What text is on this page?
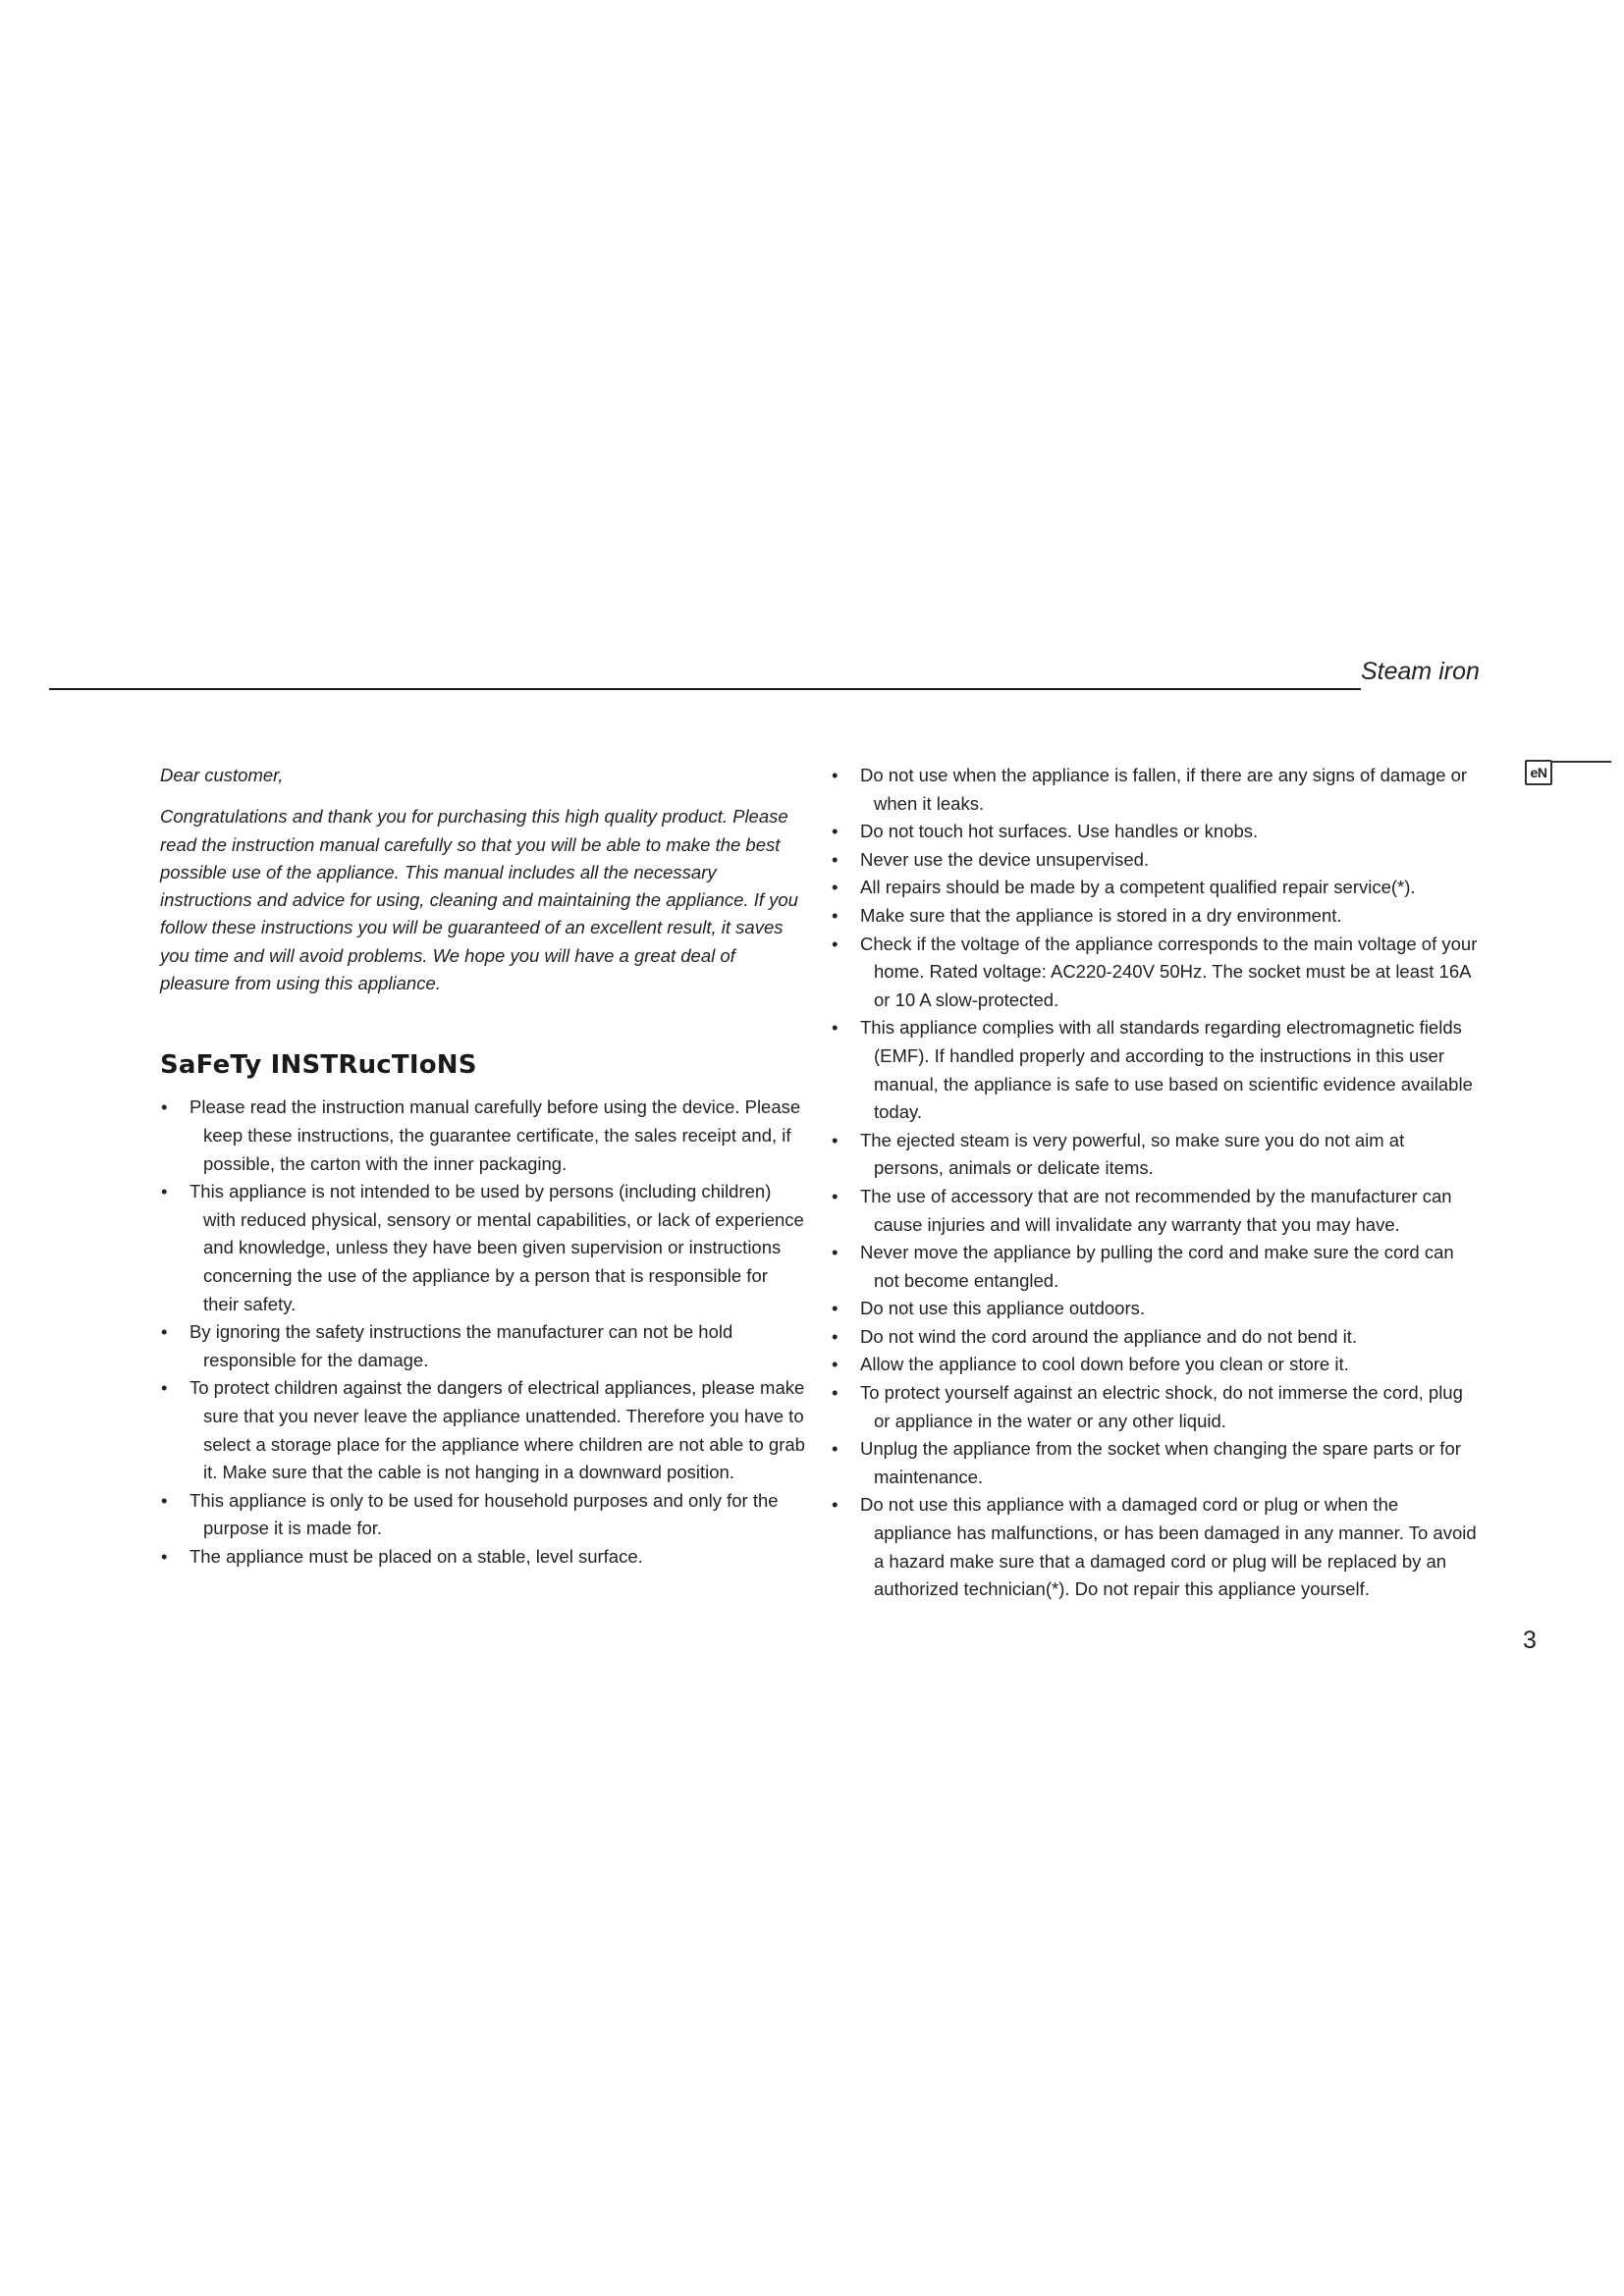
Steam iron
eN

Dear customer,

Congratulations and thank you for purchasing this high quality product. Please read the instruction manual carefully so that you will be able to make the best possible use of the appliance. This manual includes all the necessary instructions and advice for using, cleaning and maintaining the appliance. If you follow these instructions you will be guaranteed of an excellent result, it saves you time and will avoid problems. We hope you will have a great deal of pleasure from using this appliance.

SaFeTy INSTRucTIoNS
• Please read the instruction manual carefully before using the device. Please keep these instructions, the guarantee certificate, the sales receipt and, if possible, the carton with the inner packaging.
• This appliance is not intended to be used by persons (including children) with reduced physical, sensory or mental capabilities, or lack of experience and knowledge, unless they have been given supervision or instructions concerning the use of the appliance by a person that is responsible for their safety.
• By ignoring the safety instructions the manufacturer can not be hold responsible for the damage.
• To protect children against the dangers of electrical appliances, please make sure that you never leave the appliance unattended. Therefore you have to select a storage place for the appliance where children are not able to grab it. Make sure that the cable is not hanging in a downward position.
• This appliance is only to be used for household purposes and only for the purpose it is made for.
• The appliance must be placed on a stable, level surface.
• Do not use when the appliance is fallen, if there are any signs of damage or when it leaks.
• Do not touch hot surfaces. Use handles or knobs.
• Never use the device unsupervised.
• All repairs should be made by a competent qualified repair service(*).
• Make sure that the appliance is stored in a dry environment.
• Check if the voltage of the appliance corresponds to the main voltage of your home. Rated voltage: AC220-240V 50Hz. The socket must be at least 16A or 10 A slow-protected.
• This appliance complies with all standards regarding electromagnetic fields (EMF). If handled properly and according to the instructions in this user manual, the appliance is safe to use based on scientific evidence available today.
• The ejected steam is very powerful, so make sure you do not aim at persons, animals or delicate items.
• The use of accessory that are not recommended by the manufacturer can cause injuries and will invalidate any warranty that you may have.
• Never move the appliance by pulling the cord and make sure the cord can not become entangled.
• Do not use this appliance outdoors.
• Do not wind the cord around the appliance and do not bend it.
• Allow the appliance to cool down before you clean or store it.
• To protect yourself against an electric shock, do not immerse the cord, plug or appliance in the water or any other liquid.
• Unplug the appliance from the socket when changing the spare parts or for maintenance.
• Do not use this appliance with a damaged cord or plug or when the appliance has malfunctions, or has been damaged in any manner. To avoid a hazard make sure that a damaged cord or plug will be replaced by an authorized technician(*). Do not repair this appliance yourself.
3
